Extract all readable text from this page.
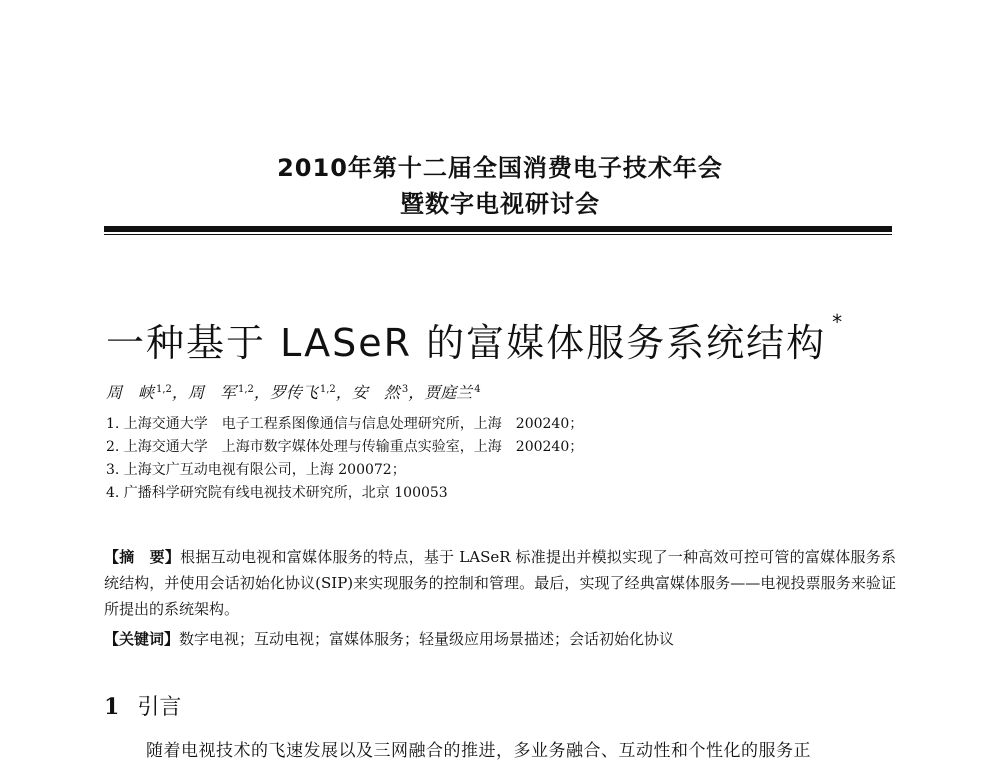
2010年第十二届全国消费电子技术年会
暨数字电视研讨会
一种基于 LASeR 的富媒体服务系统结构 *
周　峡 $^{1,2}$，周　军 $^{1,2}$，罗传飞 $^{1,2}$，安　然 $^3$，贾庭兰 $^4$
1. 上海交通大学　电子工程系图像通信与信息处理研究所，上海　200240；
2. 上海交通大学　上海市数字媒体处理与传输重点实验室，上海　200240；
3. 上海文广互动电视有限公司，上海 200072；
4. 广播科学研究院有线电视技术研究所，北京 100053
【摘　要】根据互动电视和富媒体服务的特点，基于 LASeR 标准提出并模拟实现了一种高效可控可管的富媒体服务系统结构，并使用会话初始化协议(SIP)来实现服务的控制和管理。最后，实现了经典富媒体服务——电视投票服务来验证所提出的系统架构。
【关键词】数字电视；互动电视；富媒体服务；轻量级应用场景描述；会话初始化协议
1 引言
随着电视技术的飞速发展以及三网融合的推进，多业务融合、互动性和个性化的服务正
